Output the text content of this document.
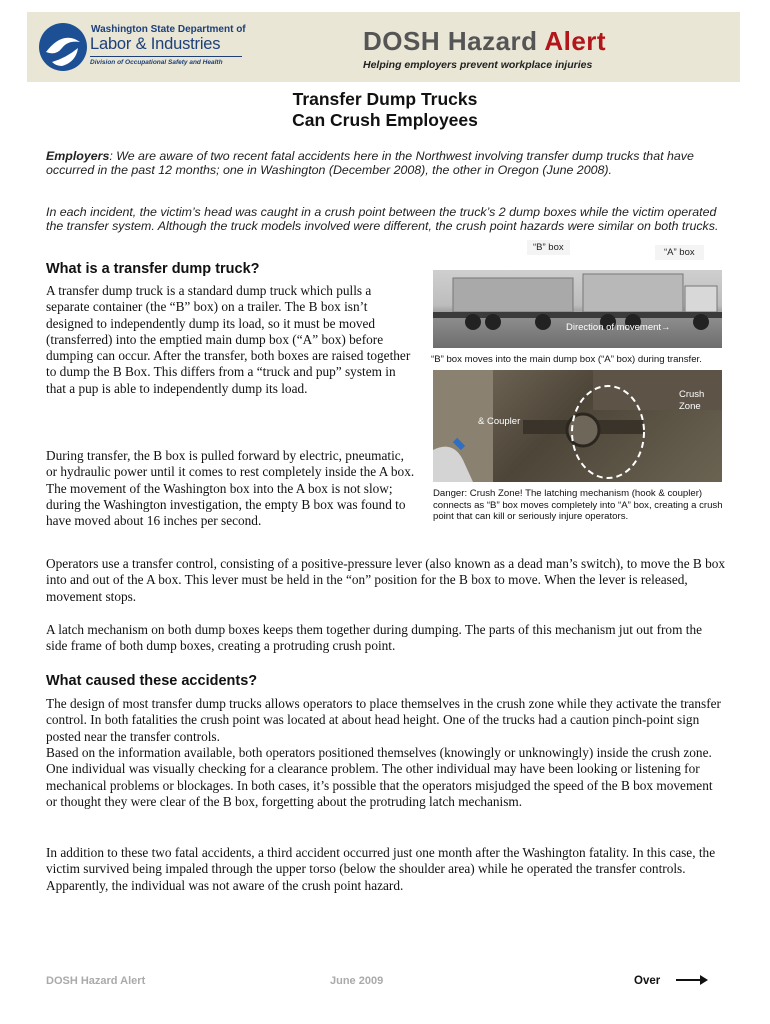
Washington State Department of
Labor & Industries
Division of Occupational Safety and Health
DOSH Hazard Alert
Helping employers prevent workplace injuries
Transfer Dump Trucks
Can Crush Employees
Employers: We are aware of two recent fatal accidents here in the Northwest involving transfer dump trucks that have occurred in the past 12 months; one in Washington (December 2008), the other in Oregon (June 2008).
In each incident, the victim’s head was caught in a crush point between the truck’s 2 dump boxes while the victim operated the transfer system. Although the truck models involved were different, the crush point hazards were similar on both trucks.
What is a transfer dump truck?

A transfer dump truck is a standard dump truck which pulls a separate container (the “B” box) on a trailer. The B box isn’t designed to independently dump its load, so it must be moved (transferred) into the emptied main dump box (“A” box) before dumping can occur. After the transfer, both boxes are raised together to dump the B Box. This differs from a “truck and pup” system in that a pup is able to independently dump its load.

During transfer, the B box is pulled forward by electric, pneumatic, or hydraulic power until it comes to rest completely inside the A box. The movement of the Washington box into the A box is not slow; during the Washington investigation, the empty B box was found to have moved about 16 inches per second.

Operators use a transfer control, consisting of a positive-pressure lever (also known as a dead man’s switch), to move the B box into and out of the A box. This lever must be held in the “on” position for the B box to move. When the lever is released, movement stops.

A latch mechanism on both dump boxes keeps them together during dumping. The parts of this mechanism jut out from the side frame of both dump boxes, creating a protruding crush point.

“B” box	“A” box
Direction of movement→
“B” box moves into the main dump box (“A” box) during transfer.
Crush
Zone
& Coupler
Danger: Crush Zone! The latching mechanism (hook & coupler) connects as “B” box moves completely into “A” box, creating a crush point that can kill or seriously injure operators.
What caused these accidents?

The design of most transfer dump trucks allows operators to place themselves in the crush zone while they activate the transfer control. In both fatalities the crush point was located at about head height. One of the trucks had a caution pinch-point sign posted near the transfer controls.

Based on the information available, both operators positioned themselves (knowingly or unknowingly) inside the crush zone. One individual was visually checking for a clearance problem. The other individual may have been looking or listening for mechanical problems or blockages. In both cases, it’s possible that the operators misjudged the speed of the B box movement or thought they were clear of the B box, forgetting about the protruding latch mechanism.

In addition to these two fatal accidents, a third accident occurred just one month after the Washington fatality. In this case, the victim survived being impaled through the upper torso (below the shoulder area) while he operated the transfer controls. Apparently, the individual was not aware of the crush point hazard.

DOSH Hazard Alert	June 2009	Over
